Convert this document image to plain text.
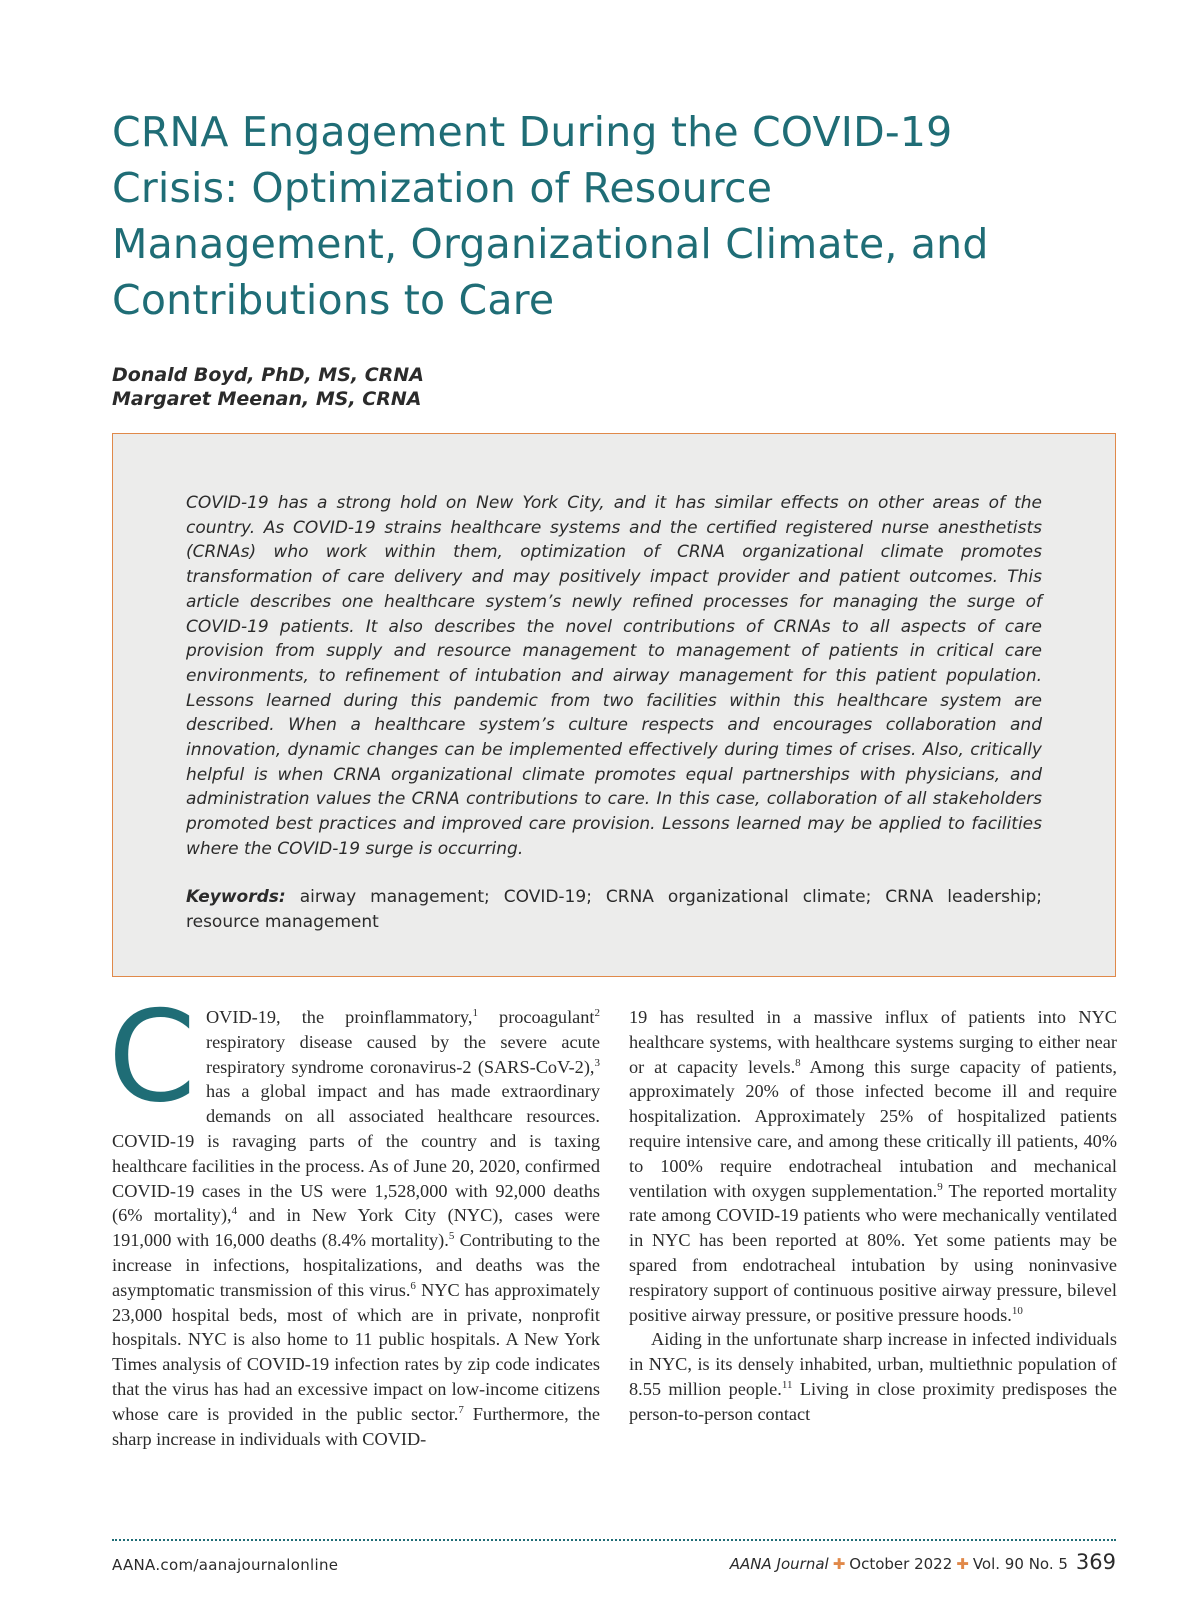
CRNA Engagement During the COVID-19 Crisis: Optimization of Resource Management, Organizational Climate, and Contributions to Care
Donald Boyd, PhD, MS, CRNA
Margaret Meenan, MS, CRNA

COVID-19 has a strong hold on New York City, and it has similar effects on other areas of the country. As COVID-19 strains healthcare systems and the certified registered nurse anesthetists (CRNAs) who work within them, optimization of CRNA organizational climate promotes transformation of care delivery and may positively impact provider and patient outcomes. This article describes one healthcare system’s newly refined processes for managing the surge of COVID-19 patients. It also describes the novel contributions of CRNAs to all aspects of care provision from supply and resource management to management of patients in critical care environments, to refinement of intubation and airway management for this patient population. Lessons learned during this pandemic from two facilities within this healthcare system are described. When a healthcare system’s culture respects and encourages collaboration and innovation, dynamic changes can be implemented effectively during times of crises. Also, critically helpful is when CRNA organizational climate promotes equal partnerships with physicians, and administration values the CRNA contributions to care. In this case, collaboration of all stakeholders promoted best practices and improved care provision. Lessons learned may be applied to facilities where the COVID-19 surge is occurring.

Keywords: airway management; COVID-19; CRNA organizational climate; CRNA leadership; resource management

C OVID-19, the proinflammatory,$^1$ procoagulant$^2$ respiratory disease caused by the severe acute respiratory syndrome coronavirus-2 (SARS-CoV-2),$^3$ has a global impact and has made extraordinary demands on all associated healthcare resources. COVID-19 is ravaging parts of the country and is taxing healthcare facilities in the process. As of June 20, 2020, confirmed COVID-19 cases in the US were 1,528,000 with 92,000 deaths (6% mortality),$^4$ and in New York City (NYC), cases were 191,000 with 16,000 deaths (8.4% mortality).$^5$ Contributing to the increase in infections, hospitalizations, and deaths was the asymptomatic transmission of this virus.$^6$ NYC has approximately 23,000 hospital beds, most of which are in private, nonprofit hospitals. NYC is also home to 11 public hospitals. A New York Times analysis of COVID-19 infection rates by zip code indicates that the virus has had an excessive impact on low-income citizens whose care is provided in the public sector.$^7$ Furthermore, the sharp increase in individuals with COVID-

19 has resulted in a massive influx of patients into NYC healthcare systems, with healthcare systems surging to either near or at capacity levels.$^8$ Among this surge capacity of patients, approximately 20% of those infected become ill and require hospitalization. Approximately 25% of hospitalized patients require intensive care, and among these critically ill patients, 40% to 100% require endotracheal intubation and mechanical ventilation with oxygen supplementation.$^9$ The reported mortality rate among COVID-19 patients who were mechanically ventilated in NYC has been reported at 80%. Yet some patients may be spared from endotracheal intubation by using noninvasive respiratory support of continuous positive airway pressure, bilevel positive airway pressure, or positive pressure hoods.$^{10}$

Aiding in the unfortunate sharp increase in infected individuals in NYC, is its densely inhabited, urban, multiethnic population of 8.55 million people.$^{11}$ Living in close proximity predisposes the person-to-person contact

AANA.com/aanajournalonline	AANA Journal ✚ October 2022 ✚ Vol. 90 No. 5 369
